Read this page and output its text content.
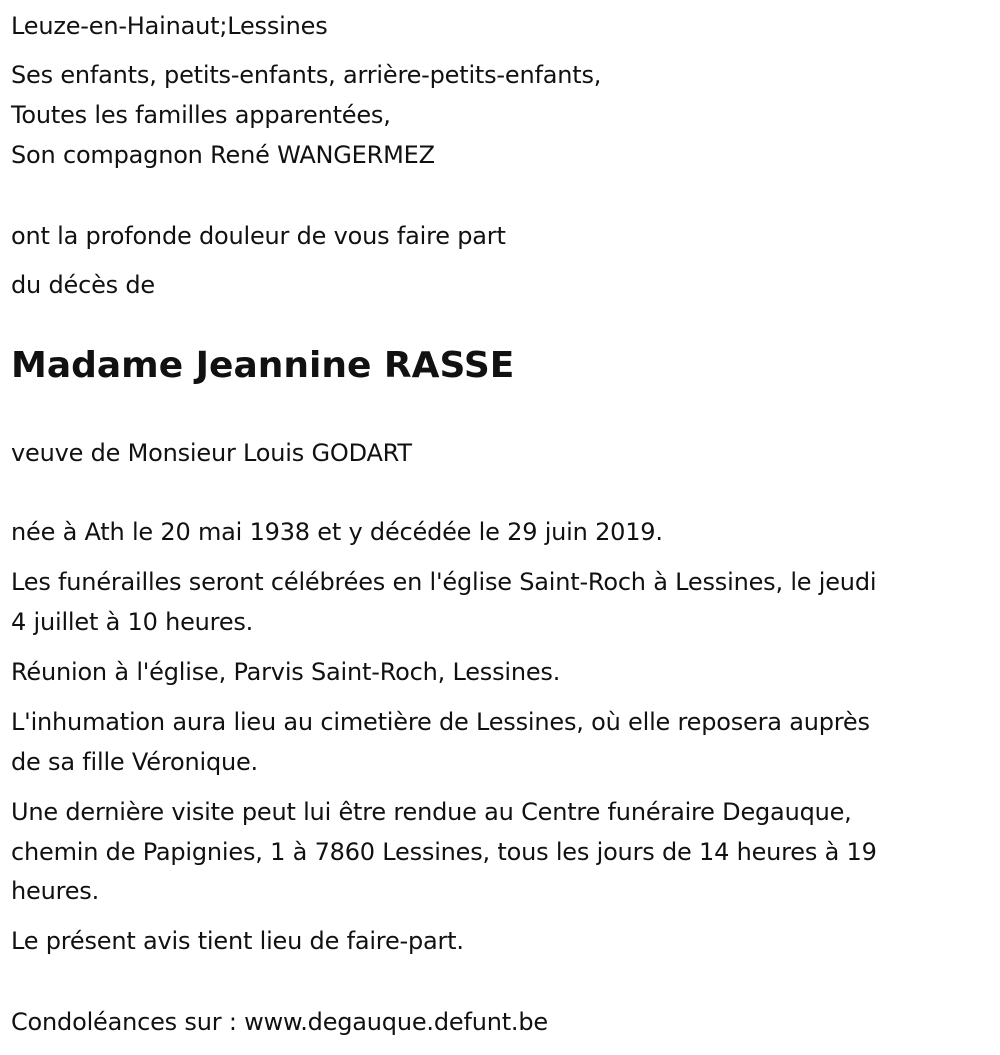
Leuze-en-Hainaut;Lessines
Ses enfants, petits-enfants, arrière-petits-enfants,
Toutes les familles apparentées,
Son compagnon René WANGERMEZ
ont la profonde douleur de vous faire part
du décès de
Madame Jeannine RASSE
veuve de Monsieur Louis GODART
née à Ath le 20 mai 1938 et y décédée le 29 juin 2019.
Les funérailles seront célébrées en l'église Saint-Roch à Lessines, le jeudi
4 juillet à 10 heures.
Réunion à l'église, Parvis Saint-Roch, Lessines.
L'inhumation aura lieu au cimetière de Lessines, où elle reposera auprès
de sa fille Véronique.
Une dernière visite peut lui être rendue au Centre funéraire Degauque,
chemin de Papignies, 1 à 7860 Lessines, tous les jours de 14 heures à 19
heures.
Le présent avis tient lieu de faire-part.
Condoléances sur : www.degauque.defunt.be
